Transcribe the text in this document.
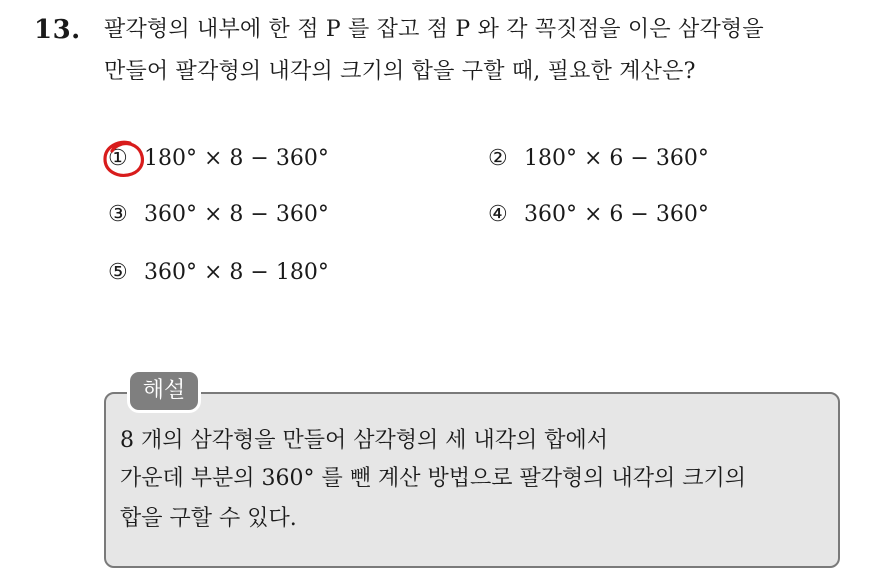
13. 팔각형의 내부에 한 점 P 를 잡고 점 P 와 각 꼭짓점을 이은 삼각형을
만들어 팔각형의 내각의 크기의 합을 구할 때, 필요한 계산은?
① 180° × 8 − 360°	② 180° × 6 − 360°
③ 360° × 8 − 360°	④ 360° × 6 − 360°
⑤ 360° × 8 − 180°
해설
8 개의 삼각형을 만들어 삼각형의 세 내각의 합에서
가운데 부분의 360° 를 뺀 계산 방법으로 팔각형의 내각의 크기의
합을 구할 수 있다.
